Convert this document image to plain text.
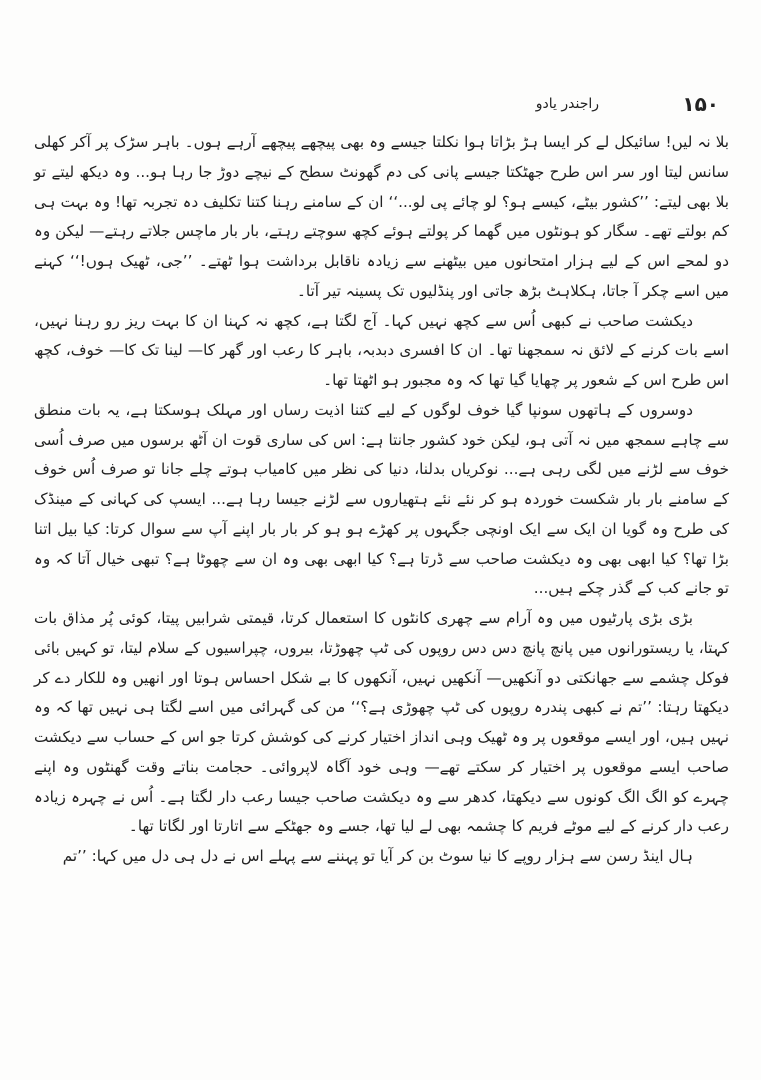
۱۵۰
راجندر یادو

بلا نہ لیں! سائیکل لے کر ایسا ہڑ بڑاتا ہوا نکلتا جیسے وہ بھی پیچھے پیچھے آرہے ہوں۔ باہر سڑک پر آکر کھلی سانس لیتا اور سر اس طرح جھٹکتا جیسے پانی کی دم گھونٹ سطح کے نیچے دوڑ جا رہا ہو... وہ دیکھ لیتے تو بلا بھی لیتے: ’’کشور بیٹے، کیسے ہو؟ لو چائے پی لو...‘‘ ان کے سامنے رہنا کتنا تکلیف دہ تجربہ تھا! وہ بہت ہی کم بولتے تھے۔ سگار کو ہونٹوں میں گھما کر پولتے ہوئے کچھ سوچتے رہتے، بار بار ماچس جلاتے رہتے— لیکن وہ دو لمحے اس کے لیے ہزار امتحانوں میں بیٹھنے سے زیادہ ناقابل برداشت ہوا ٹھتے۔ ’’جی، ٹھیک ہوں!‘‘ کہنے میں اسے چکر آ جاتا، ہکلاہٹ بڑھ جاتی اور پنڈلیوں تک پسینہ تیر آتا۔

دیکشت صاحب نے کبھی اُس سے کچھ نہیں کہا۔ آج لگتا ہے، کچھ نہ کہنا ان کا بہت ریز رو رہنا نہیں، اسے بات کرنے کے لائق نہ سمجھنا تھا۔ ان کا افسری دبدبہ، باہر کا رعب اور گھر کا— لینا تک کا— خوف، کچھ اس طرح اس کے شعور پر چھایا گیا تھا کہ وہ مجبور ہو اٹھتا تھا۔

دوسروں کے ہاتھوں سونپا گیا خوف لوگوں کے لیے کتنا اذیت رساں اور مہلک ہوسکتا ہے، یہ بات منطق سے چاہے سمجھ میں نہ آتی ہو، لیکن خود کشور جانتا ہے: اس کی ساری قوت ان آٹھ برسوں میں صرف اُسی خوف سے لڑنے میں لگی رہی ہے... نوکریاں بدلنا، دنیا کی نظر میں کامیاب ہوتے چلے جانا تو صرف اُس خوف کے سامنے بار بار شکست خوردہ ہو کر نئے نئے ہتھیاروں سے لڑنے جیسا رہا ہے... ایسپ کی کہانی کے مینڈک کی طرح وہ گویا ان ایک سے ایک اونچی جگہوں پر کھڑے ہو ہو کر بار بار اپنے آپ سے سوال کرتا: کیا بیل اتنا بڑا تھا؟ کیا ابھی بھی وہ دیکشت صاحب سے ڈرتا ہے؟ کیا ابھی بھی وہ ان سے چھوٹا ہے؟ تبھی خیال آتا کہ وہ تو جانے کب کے گذر چکے ہیں...

بڑی بڑی پارٹیوں میں وہ آرام سے چھری کانٹوں کا استعمال کرتا، قیمتی شرابیں پیتا، کوئی پُر مذاق بات کہتا، یا ریستورانوں میں پانچ پانچ دس دس روپوں کی ٹپ چھوڑتا، بیروں، چپراسیوں کے سلام لیتا، تو کہیں بائی فوکل چشمے سے جھانکتی دو آنکھیں— آنکھیں نہیں، آنکھوں کا بے شکل احساس ہوتا اور انھیں وہ للکار دے کر دیکھتا رہتا: ’’تم نے کبھی پندرہ روپوں کی ٹپ چھوڑی ہے؟‘‘ من کی گہرائی میں اسے لگتا ہی نہیں تھا کہ وہ نہیں ہیں، اور ایسے موقعوں پر وہ ٹھیک وہی انداز اختیار کرنے کی کوشش کرتا جو اس کے حساب سے دیکشت صاحب ایسے موقعوں پر اختیار کر سکتے تھے— وہی خود آگاہ لاپروائی۔ حجامت بناتے وقت گھنٹوں وہ اپنے چہرے کو الگ الگ کونوں سے دیکھتا، کدھر سے وہ دیکشت صاحب جیسا رعب دار لگتا ہے۔ اُس نے چہرہ زیادہ رعب دار کرنے کے لیے موٹے فریم کا چشمہ بھی لے لیا تھا، جسے وہ جھٹکے سے اتارتا اور لگاتا تھا۔

ہال اینڈ رسن سے ہزار روپے کا نیا سوٹ بن کر آیا تو پہننے سے پہلے اس نے دل ہی دل میں کہا: ’’تم
